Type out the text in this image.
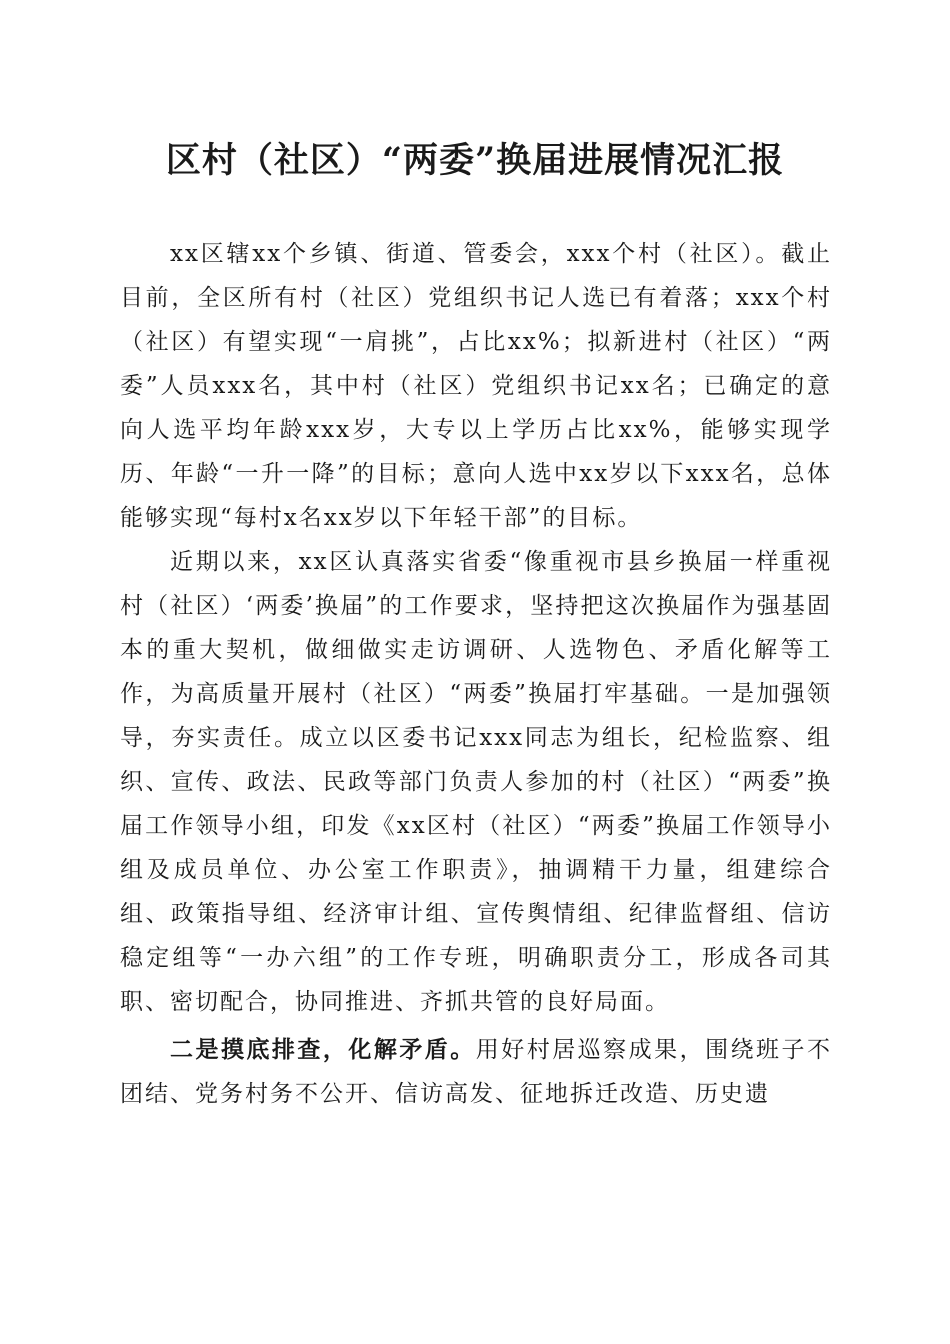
区村（社区）“两委”换届进展情况汇报

xx区辖xx个乡镇、街道、管委会，xxx个村（社区）。截止目前，全区所有村（社区）党组织书记人选已有着落；xxx个村（社区）有望实现“一肩挑”，占比xx%；拟新进村（社区）“两委”人员xxx名，其中村（社区）党组织书记xx名；已确定的意向人选平均年龄xxx岁，大专以上学历占比xx%，能够实现学历、年龄“一升一降”的目标；意向人选中xx岁以下xxx名，总体能够实现“每村x名xx岁以下年轻干部”的目标。

近期以来，xx区认真落实省委“像重视市县乡换届一样重视村（社区）‘两委’换届”的工作要求，坚持把这次换届作为强基固本的重大契机，做细做实走访调研、人选物色、矛盾化解等工作，为高质量开展村（社区）“两委”换届打牢基础。一是加强领导，夯实责任。成立以区委书记xxx同志为组长，纪检监察、组织、宣传、政法、民政等部门负责人参加的村（社区）“两委”换届工作领导小组，印发《xx区村（社区）“两委”换届工作领导小组及成员单位、办公室工作职责》，抽调精干力量，组建综合组、政策指导组、经济审计组、宣传舆情组、纪律监督组、信访稳定组等“一办六组”的工作专班，明确职责分工，形成各司其职、密切配合，协同推进、齐抓共管的良好局面。

二是摸底排查，化解矛盾。用好村居巡察成果，围绕班子不团结、党务村务不公开、信访高发、征地拆迁改造、历史遗
